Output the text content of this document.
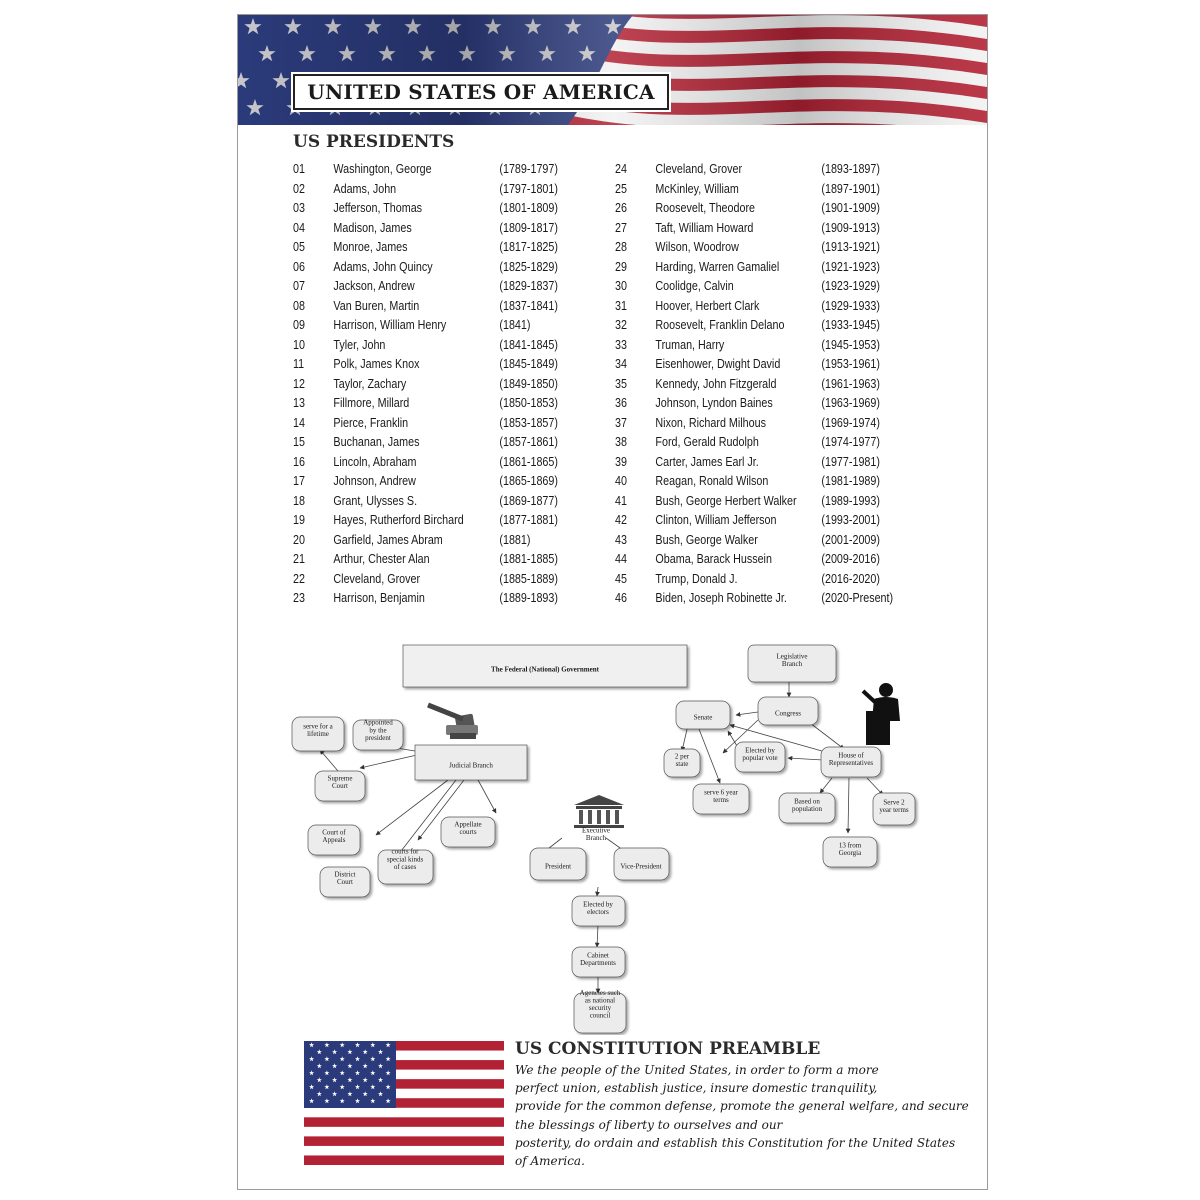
UNITED STATES OF AMERICA
US PRESIDENTS
01 Washington, George	(1789-1797)
02 Adams, John	(1797-1801)
03 Jefferson, Thomas	(1801-1809)
04 Madison, James	(1809-1817)
05 Monroe, James	(1817-1825)
06 Adams, John Quincy	(1825-1829)
07 Jackson, Andrew	(1829-1837)
08 Van Buren, Martin	(1837-1841)
09 Harrison, William Henry	(1841)
10 Tyler, John	(1841-1845)
11 Polk, James Knox	(1845-1849)
12 Taylor, Zachary	(1849-1850)
13 Fillmore, Millard	(1850-1853)
14 Pierce, Franklin	(1853-1857)
15 Buchanan, James	(1857-1861)
16 Lincoln, Abraham	(1861-1865)
17 Johnson, Andrew	(1865-1869)
18 Grant, Ulysses S.	(1869-1877)
19 Hayes, Rutherford Birchard	(1877-1881)
20 Garfield, James Abram	(1881)
21 Arthur, Chester Alan	(1881-1885)
22 Cleveland, Grover	(1885-1889)
23 Harrison, Benjamin	(1889-1893)
24 Cleveland, Grover	(1893-1897)
25 McKinley, William	(1897-1901)
26 Roosevelt, Theodore	(1901-1909)
27 Taft, William Howard	(1909-1913)
28 Wilson, Woodrow	(1913-1921)
29 Harding, Warren Gamaliel	(1921-1923)
30 Coolidge, Calvin	(1923-1929)
31 Hoover, Herbert Clark	(1929-1933)
32 Roosevelt, Franklin Delano	(1933-1945)
33 Truman, Harry	(1945-1953)
34 Eisenhower, Dwight David	(1953-1961)
35 Kennedy, John Fitzgerald	(1961-1963)
36 Johnson, Lyndon Baines	(1963-1969)
37 Nixon, Richard Milhous	(1969-1974)
38 Ford, Gerald Rudolph	(1974-1977)
39 Carter, James Earl Jr.	(1977-1981)
40 Reagan, Ronald Wilson	(1981-1989)
41 Bush, George Herbert Walker (1989-1993)
42 Clinton, William Jefferson	(1993-2001)
43 Bush, George Walker	(2001-2009)
44 Obama, Barack Hussein	(2009-2016)
45 Trump, Donald J.	(2016-2020)
46 Biden, Joseph Robinette Jr.	(2020-Present)
The Federal (National) Government
Judicial Branch
serve for a lifetime
Appointed by the president
Supreme Court
Court of Appeals
District Court
courts for special kinds of cases
Appellate courts	Executive Branch
President	Vice-President
Elected by electors
Cabinet Departments
Agencies such as national security council
Legislative Branch
Congress
Senate
2 per state
serve 6 year terms
Elected by popular vote	House of Representatives
Based on population
Serve 2 year terms
13 from Georgia
US CONSTITUTION PREAMBLE
We the people of the United States, in order to form a more
perfect union, establish justice, insure domestic tranquility,
provide for the common defense, promote the general welfare, and secure
the blessings of liberty to ourselves and our
posterity, do ordain and establish this Constitution for the United States
of America.
